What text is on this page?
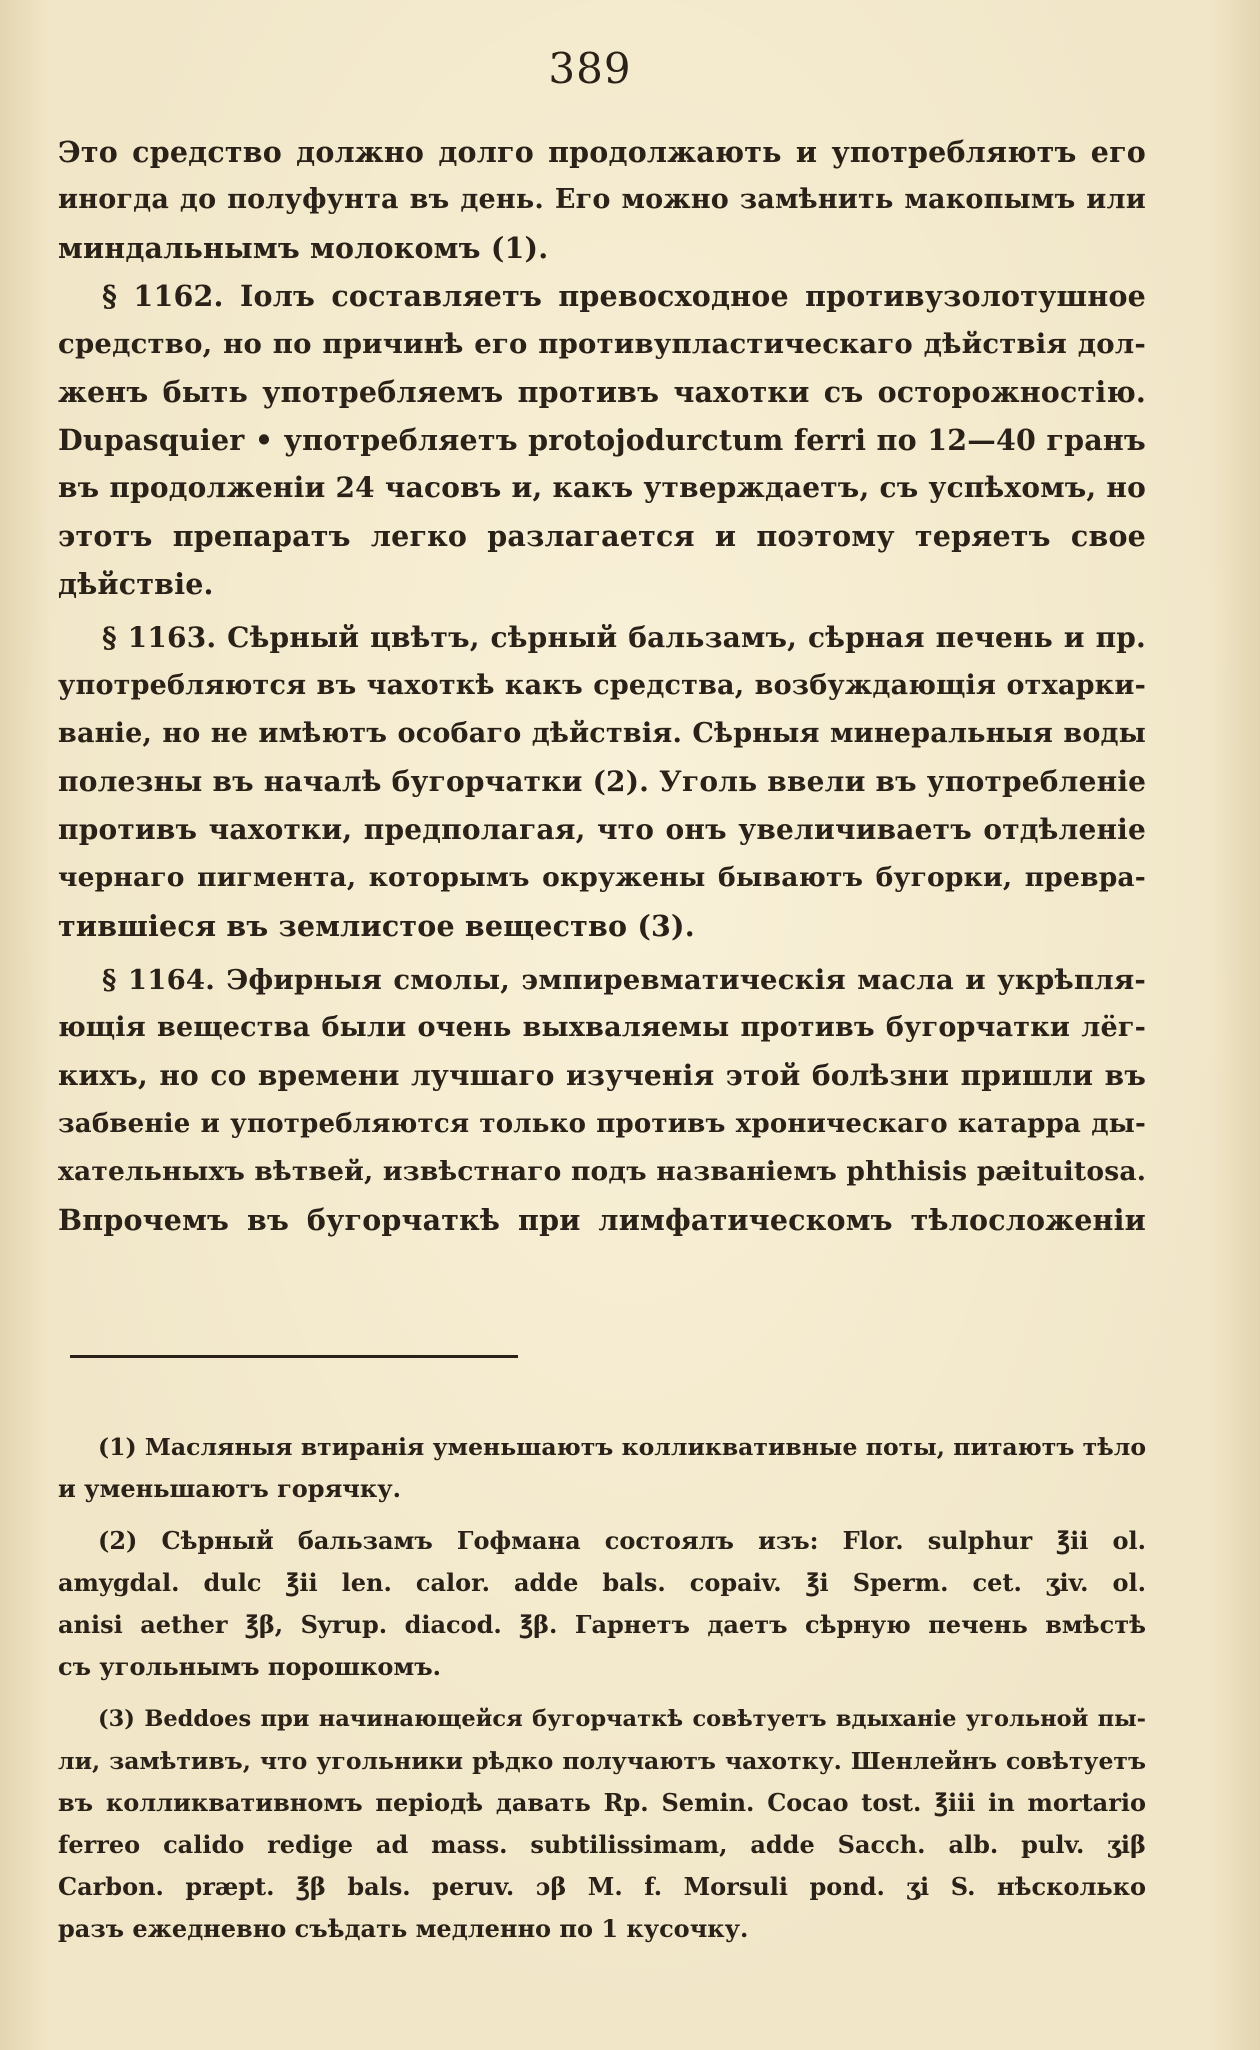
389
Это средство должно долго продолжають и употребляютъ его
иногда до полуфунта въ день. Его можно замѣнить макопымъ или
миндальнымъ молокомъ (1).
§ 1162. Іолъ составляетъ превосходное противузолотушное
средство, но по причинѣ его противупластическаго дѣйствія дол-
женъ быть употребляемъ противъ чахотки съ осторожностію.
Dupasquier • употребляетъ protojodurctum ferri по 12—40 гранъ
въ продолженіи 24 часовъ и, какъ утверждаетъ, съ успѣхомъ, но
этотъ препаратъ легко разлагается и поэтому теряетъ свое
дѣйствіе.
§ 1163. Сѣрный цвѣтъ, сѣрный бальзамъ, сѣрная печень и пр.
употребляются въ чахоткѣ какъ средства, возбуждающія отхарки-
ваніе, но не имѣютъ особаго дѣйствія. Сѣрныя минеральныя воды
полезны въ началѣ бугорчатки (2). Уголь ввели въ употребленіе
противъ чахотки, предполагая, что онъ увеличиваетъ отдѣленіе
чернаго пигмента, которымъ окружены бываютъ бугорки, превра-
тившіеся въ землистое вещество (3).
§ 1164. Эфирныя смолы, эмпиревматическія масла и укрѣпля-
ющія вещества были очень выхваляемы противъ бугорчатки лёг-
кихъ, но со времени лучшаго изученія этой болѣзни пришли въ
забвеніе и употребляются только противъ хроническаго катарра ды-
хательныхъ вѣтвей, извѣстнаго подъ названіемъ phthisis pæituitosa.
Впрочемъ въ бугорчаткѣ при лимфатическомъ тѣлосложеніи
(1) Масляныя втиранія уменьшаютъ колликвативные поты, питаютъ тѣло
и уменьшаютъ горячку.
(2) Сѣрный бальзамъ Гофмана состоялъ изъ: Flor. sulphur ℥ii ol.
amygdal. dulc ℥ii len. calor. adde bals. copaiv. ℥i Sperm. cet. ʒiv. ol.
anisi aether ℥β, Syrup. diacod. ℥β. Гарнетъ даетъ сѣрную печень вмѣстѣ
съ угольнымъ порошкомъ.
(3) Beddoes при начинающейся бугорчаткѣ совѣтуетъ вдыханіе угольной пы-
ли, замѣтивъ, что угольники рѣдко получаютъ чахотку. Шенлейнъ совѣтуетъ
въ колликвативномъ періодѣ давать Rp. Semin. Cocao tost. ℥iii in mortario
ferreo calido redige ad mass. subtilissimam, adde Sacch. alb. pulv. ʒiβ
Carbon. præpt. ℥β bals. peruv. ɔβ M. f. Morsuli pond. ʒi S. нѣсколько
разъ ежедневно съѣдать медленно по 1 кусочку.
